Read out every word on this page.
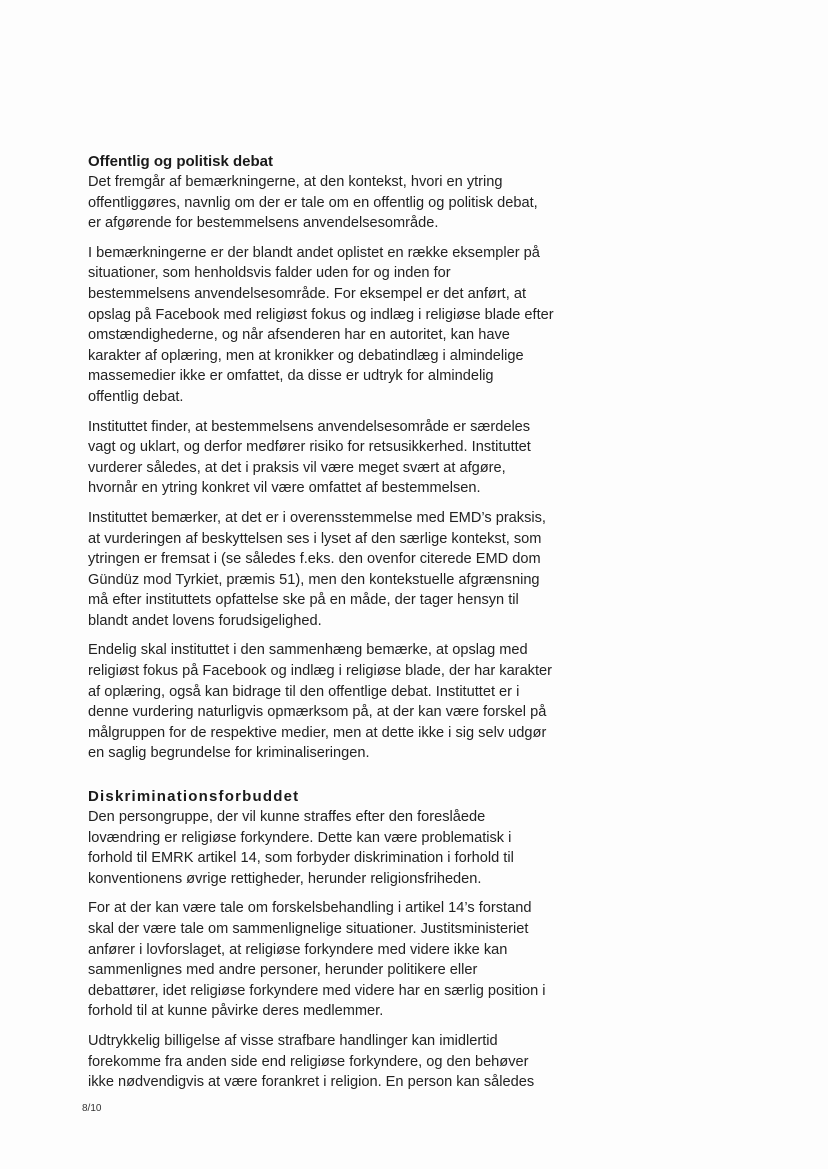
Offentlig og politisk debat

Det fremgår af bemærkningerne, at den kontekst, hvori en ytring
offentliggøres, navnlig om der er tale om en offentlig og politisk debat,
er afgørende for bestemmelsens anvendelsesområde.

I bemærkningerne er der blandt andet oplistet en række eksempler på
situationer, som henholdsvis falder uden for og inden for
bestemmelsens anvendelsesområde. For eksempel er det anført, at
opslag på Facebook med religiøst fokus og indlæg i religiøse blade efter
omstændighederne, og når afsenderen har en autoritet, kan have
karakter af oplæring, men at kronikker og debatindlæg i almindelige
massemedier ikke er omfattet, da disse er udtryk for almindelig
offentlig debat.

Instituttet finder, at bestemmelsens anvendelsesområde er særdeles
vagt og uklart, og derfor medfører risiko for retsusikkerhed. Instituttet
vurderer således, at det i praksis vil være meget svært at afgøre,
hvornår en ytring konkret vil være omfattet af bestemmelsen.

Instituttet bemærker, at det er i overensstemmelse med EMD’s praksis,
at vurderingen af beskyttelsen ses i lyset af den særlige kontekst, som
ytringen er fremsat i (se således f.eks. den ovenfor citerede EMD dom
Gündüz mod Tyrkiet, præmis 51), men den kontekstuelle afgrænsning
må efter instituttets opfattelse ske på en måde, der tager hensyn til
blandt andet lovens forudsigelighed.

Endelig skal instituttet i den sammenhæng bemærke, at opslag med
religiøst fokus på Facebook og indlæg i religiøse blade, der har karakter
af oplæring, også kan bidrage til den offentlige debat. Instituttet er i
denne vurdering naturligvis opmærksom på, at der kan være forskel på
målgruppen for de respektive medier, men at dette ikke i sig selv udgør
en saglig begrundelse for kriminaliseringen.

Diskriminationsforbuddet

Den persongruppe, der vil kunne straffes efter den foreslåede
lovændring er religiøse forkyndere. Dette kan være problematisk i
forhold til EMRK artikel 14, som forbyder diskrimination i forhold til
konventionens øvrige rettigheder, herunder religionsfriheden.

For at der kan være tale om forskelsbehandling i artikel 14’s forstand
skal der være tale om sammenlignelige situationer. Justitsministeriet
anfører i lovforslaget, at religiøse forkyndere med videre ikke kan
sammenlignes med andre personer, herunder politikere eller
debattører, idet religiøse forkyndere med videre har en særlig position i
forhold til at kunne påvirke deres medlemmer.

Udtrykkelig billigelse af visse strafbare handlinger kan imidlertid
forekomme fra anden side end religiøse forkyndere, og den behøver
ikke nødvendigvis at være forankret i religion. En person kan således

8/10
